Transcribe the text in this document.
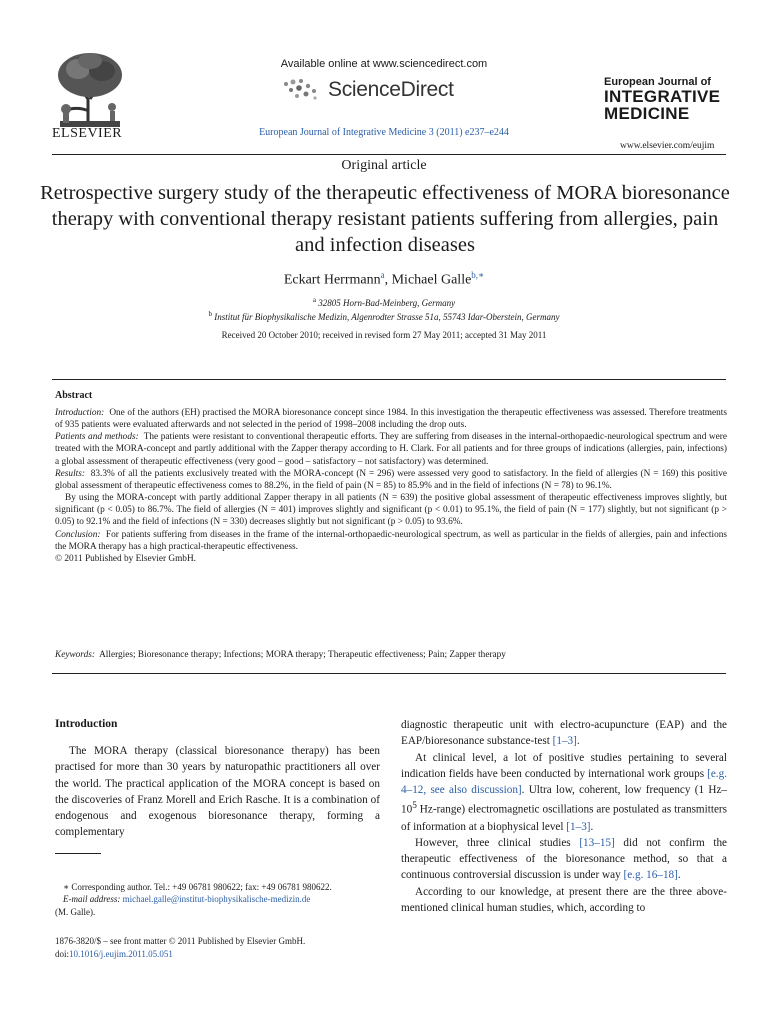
ELSEVIER
Available online at www.sciencedirect.com
ScienceDirect
European Journal of Integrative Medicine 3 (2011) e237–e244
European Journal of
INTEGRATIVE
MEDICINE
www.elsevier.com/eujim
Original article
Retrospective surgery study of the therapeutic effectiveness of MORA bioresonance therapy with conventional therapy resistant patients suffering from allergies, pain and infection diseases
Eckart Herrmann$^a$, Michael Galle$^{b,∗}$
$^a$ 32805 Horn-Bad-Meinberg, Germany
$^b$ Institut für Biophysikalische Medizin, Algenrodter Strasse 51a, 55743 Idar-Oberstein, Germany
Received 20 October 2010; received in revised form 27 May 2011; accepted 31 May 2011
Abstract

Introduction: One of the authors (EH) practised the MORA bioresonance concept since 1984. In this investigation the therapeutic effectiveness was assessed. Therefore treatments of 935 patients were evaluated afterwards and not selected in the period of 1998–2008 including the drop outs.

Patients and methods: The patients were resistant to conventional therapeutic efforts. They are suffering from diseases in the internal-orthopaedic-neurological spectrum and were treated with the MORA-concept and partly additional with the Zapper therapy according to H. Clark. For all patients and for three groups of indications (allergies, pain, infections) a global assessment of therapeutic effectiveness (very good – good – satisfactory – not satisfactory) was determined.

Results: 83.3% of all the patients exclusively treated with the MORA-concept (N = 296) were assessed very good to satisfactory. In the field of allergies (N = 169) this positive global assessment of therapeutic effectiveness comes to 88.2%, in the field of pain (N = 85) to 85.9% and in the field of infections (N = 78) to 96.1%.

By using the MORA-concept with partly additional Zapper therapy in all patients (N = 639) the positive global assessment of therapeutic effectiveness improves slightly, but significant (p < 0.05) to 86.7%. The field of allergies (N = 401) improves slightly and significant (p < 0.01) to 95.1%, the field of pain (N = 177) slightly, but not significant (p > 0.05) to 92.1% and the field of infections (N = 330) decreases slightly but not significant (p > 0.05) to 93.6%.

Conclusion: For patients suffering from diseases in the frame of the internal-orthopaedic-neurological spectrum, as well as particular in the fields of allergies, pain and infections the MORA therapy has a high practical-therapeutic effectiveness.

© 2011 Published by Elsevier GmbH.

Keywords: Allergies; Bioresonance therapy; Infections; MORA therapy; Therapeutic effectiveness; Pain; Zapper therapy
Introduction

The MORA therapy (classical bioresonance therapy) has been practised for more than 30 years by naturopathic practitioners all over the world. The practical application of the MORA concept is based on the discoveries of Franz Morell and Erich Rasche. It is a combination of endogenous and exogenous bioresonance therapy, forming a complementary

diagnostic therapeutic unit with electro-acupuncture (EAP) and the EAP/bioresonance substance-test [1–3].

At clinical level, a lot of positive studies pertaining to several indication fields have been conducted by international work groups [e.g. 4–12, see also discussion]. Ultra low, coherent, low frequency (1 $Hz-10^5$ Hz-range) electromagnetic oscillations are postulated as transmitters of information at a biophysical level [1–3].

However, three clinical studies [13–15] did not confirm the therapeutic effectiveness of the bioresonance method, so that a continuous controversial discussion is under way [e.g. 16–18].

According to our knowledge, at present there are the three above-mentioned clinical human studies, which, according to

∗ Corresponding author. Tel.: +49 06781 980622; fax: +49 06781 980622.

E-mail address: michael.galle@institut-biophysikalische-medizin.de

(M. Galle).

1876-3820/$ – see front matter © 2011 Published by Elsevier GmbH.
doi:10.1016/j.eujim.2011.05.051
